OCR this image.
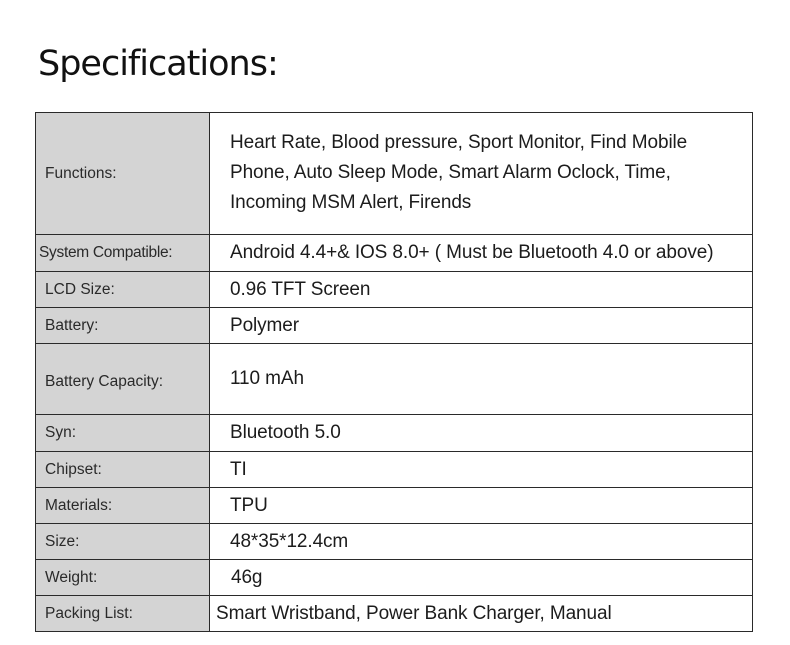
Specifications:
Functions:	Heart Rate, Blood pressure, Sport Monitor, Find Mobile Phone, Auto Sleep Mode, Smart Alarm Oclock, Time, Incoming MSM Alert, Firends
System Compatible:	Android 4.4+& IOS 8.0+ ( Must be Bluetooth 4.0 or above)
LCD Size:	0.96 TFT Screen
Battery:	Polymer
Battery Capacity:	110 mAh
Syn:	Bluetooth 5.0
Chipset:	TI
Materials:	TPU
Size:	48*35*12.4cm
Weight:	46g
Packing List:	Smart Wristband, Power Bank Charger, Manual
